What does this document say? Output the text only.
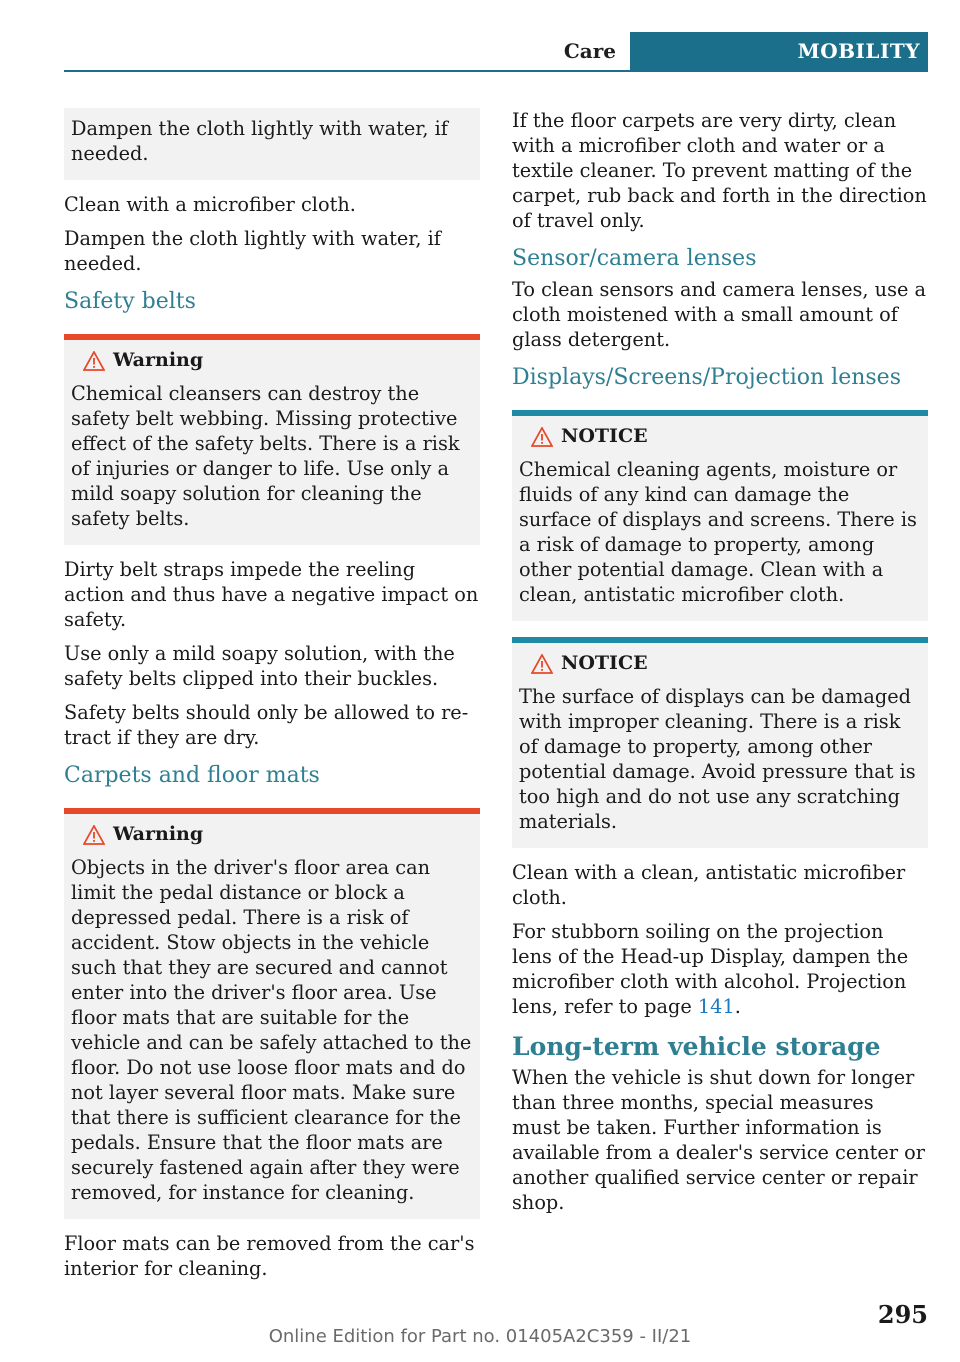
Care	MOBILITY

Dampen the cloth lightly with water, if needed.

Clean with a microfiber cloth.

Dampen the cloth lightly with water, if needed.

Safety belts
Warning

Chemical cleansers can destroy the safety belt webbing. Missing protective effect of the safety belts. There is a risk of injuries or danger to life. Use only a mild soapy solution for cleaning the safety belts.

Dirty belt straps impede the reeling action and thus have a negative impact on safety.

Use only a mild soapy solution, with the safety belts clipped into their buckles.

Safety belts should only be allowed to retract if they are dry.

Carpets and floor mats
Warning

Objects in the driver's floor area can limit the pedal distance or block a depressed pedal. There is a risk of accident. Stow objects in the vehicle such that they are secured and cannot enter into the driver's floor area. Use floor mats that are suitable for the vehicle and can be safely attached to the floor. Do not use loose floor mats and do not layer several floor mats. Make sure that there is sufficient clearance for the pedals. Ensure that the floor mats are securely fastened again after they were removed, for instance for cleaning.

Floor mats can be removed from the car's interior for cleaning.

If the floor carpets are very dirty, clean with a microfiber cloth and water or a textile cleaner. To prevent matting of the carpet, rub back and forth in the direction of travel only.

Sensor/camera lenses

To clean sensors and camera lenses, use a cloth moistened with a small amount of glass detergent.

Displays/Screens/Projection lenses
NOTICE

Chemical cleaning agents, moisture or fluids of any kind can damage the surface of displays and screens. There is a risk of damage to property, among other potential damage. Clean with a clean, antistatic microfiber cloth.

NOTICE

The surface of displays can be damaged with improper cleaning. There is a risk of damage to property, among other potential damage. Avoid pressure that is too high and do not use any scratching materials.

Clean with a clean, antistatic microfiber cloth.

For stubborn soiling on the projection lens of the Head-up Display, dampen the microfiber cloth with alcohol. Projection lens, refer to page 141.

Long-term vehicle storage

When the vehicle is shut down for longer than three months, special measures must be taken. Further information is available from a dealer's service center or another qualified service center or repair shop.

295
Online Edition for Part no. 01405A2C359 - II/21
